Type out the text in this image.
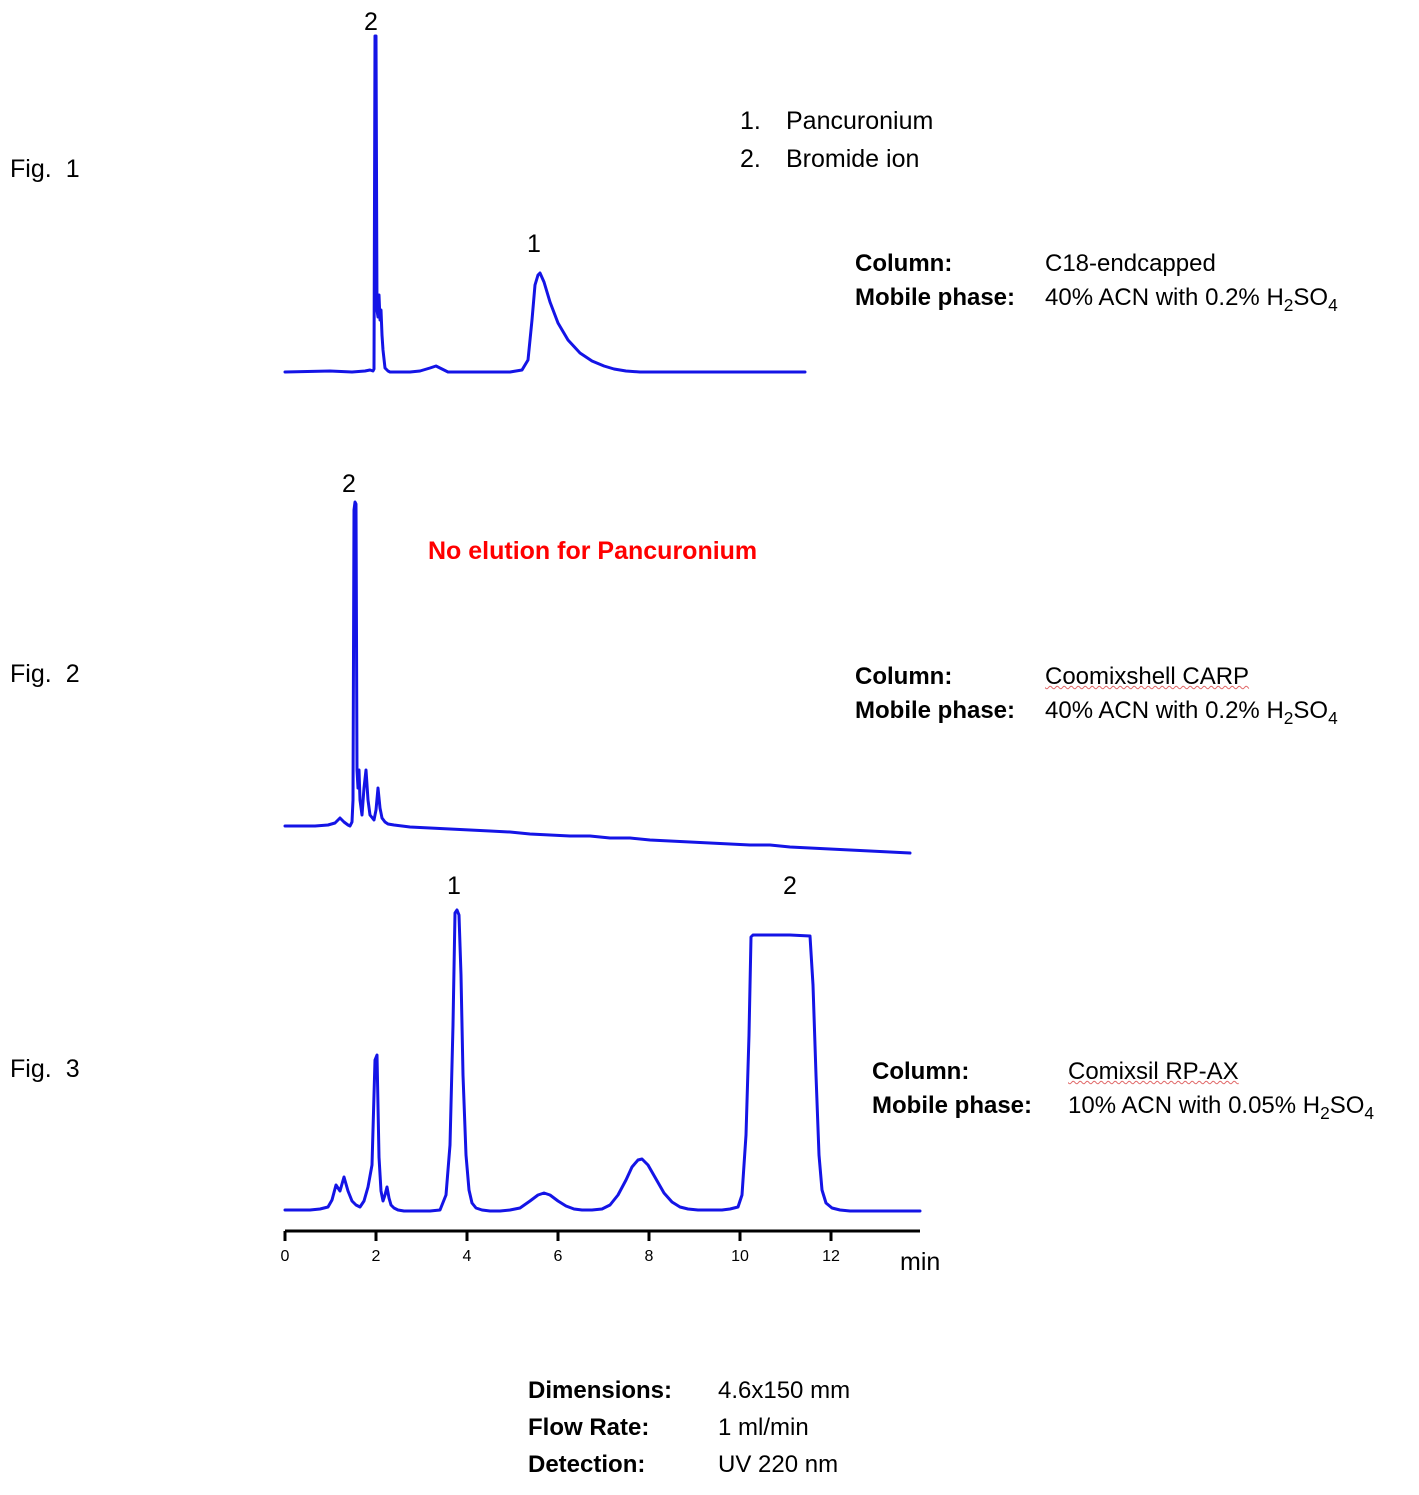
Fig. 1
1.	Pancuronium
2.	Bromide ion
2
1
Column:	C18-endcapped
Mobile phase:	40% ACN with 0.2% $H_2SO_4$
Fig. 2
No elution for Pancuronium
2
Column:	Coomixshell CARP
Mobile phase:	40% ACN with 0.2% $H_2SO_4$
Fig. 3
1	2
0	2	4	6	8	10	12	min
Column:	Comixsil RP-AX
Mobile phase:	10% ACN with 0.05% $H_2SO_4$
Dimensions:	4.6x150 mm
Flow Rate:	1 ml/min
Detection:	UV 220 nm
